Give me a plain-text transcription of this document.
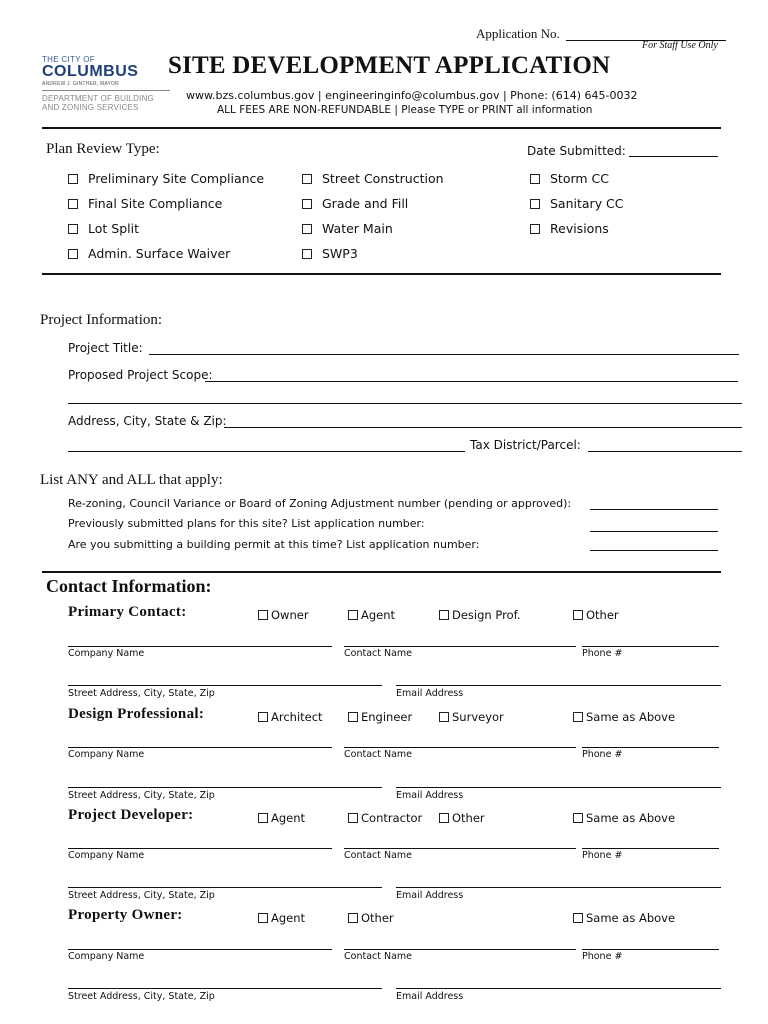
Application No.
For Staff Use Only
THE CITY OF
COLUMBUS
ANDREW J. GINTHER, MAYOR
DEPARTMENT OF BUILDING
AND ZONING SERVICES
SITE DEVELOPMENT APPLICATION
www.bzs.columbus.gov | engineeringinfo@columbus.gov | Phone: (614) 645-0032
ALL FEES ARE NON-REFUNDABLE | Please TYPE or PRINT all information
Plan Review Type:	Date Submitted:
Preliminary Site Compliance
Final Site Compliance
Lot Split
Admin. Surface Waiver
Street Construction
Grade and Fill
Water Main
SWP3
Storm CC
Sanitary CC
Revisions
Project Information:
Project Title:
Proposed Project Scope:
Address, City, State & Zip:
Tax District/Parcel:
List ANY and ALL that apply:
Re-zoning, Council Variance or Board of Zoning Adjustment number (pending or approved):
Previously submitted plans for this site? List application number:
Are you submitting a building permit at this time? List application number:
Contact Information:
Primary Contact:	Owner	Agent	Design Prof.	Other
Company Name	Contact Name	Phone #
Street Address, City, State, Zip	Email Address
Design Professional:	Architect	Engineer	Surveyor	Same as Above
Company Name	Contact Name	Phone #
Street Address, City, State, Zip	Email Address
Project Developer:	Agent	Contractor	Other	Same as Above
Company Name	Contact Name	Phone #
Street Address, City, State, Zip	Email Address
Property Owner:	Agent	Other	Same as Above
Company Name	Contact Name	Phone #
Street Address, City, State, Zip	Email Address
